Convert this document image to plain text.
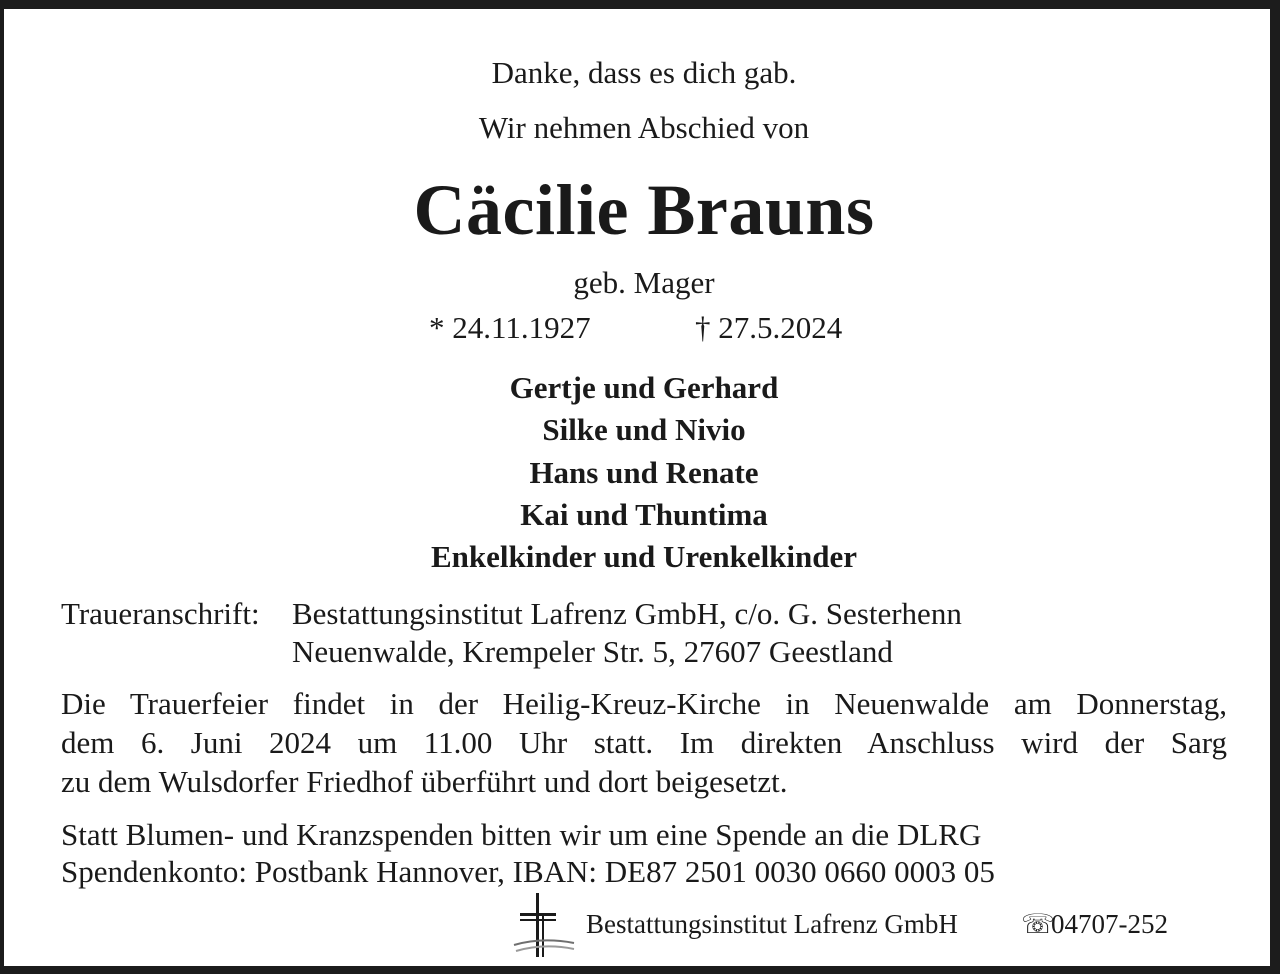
Danke, dass es dich gab.
Wir nehmen Abschied von
Cäcilie Brauns
geb. Mager
* 24.11.1927	† 27.5.2024
Gertje und Gerhard
Silke und Nivio
Hans und Renate
Kai und Thuntima
Enkelkinder und Urenkelkinder
Traueranschrift: Bestattungsinstitut Lafrenz GmbH, c/o. G. Sesterhenn
Neuenwalde, Krempeler Str. 5, 27607 Geestland
Die Trauerfeier findet in der Heilig-Kreuz-Kirche in Neuenwalde am Donnerstag,
dem 6. Juni 2024 um 11.00 Uhr statt. Im direkten Anschluss wird der Sarg
zu dem Wulsdorfer Friedhof überführt und dort beigesetzt.
Statt Blumen- und Kranzspenden bitten wir um eine Spende an die DLRG
Spendenkonto: Postbank Hannover, IBAN: DE87 2501 0030 0660 0003 05
Bestattungsinstitut Lafrenz GmbH ☏
04707-252
